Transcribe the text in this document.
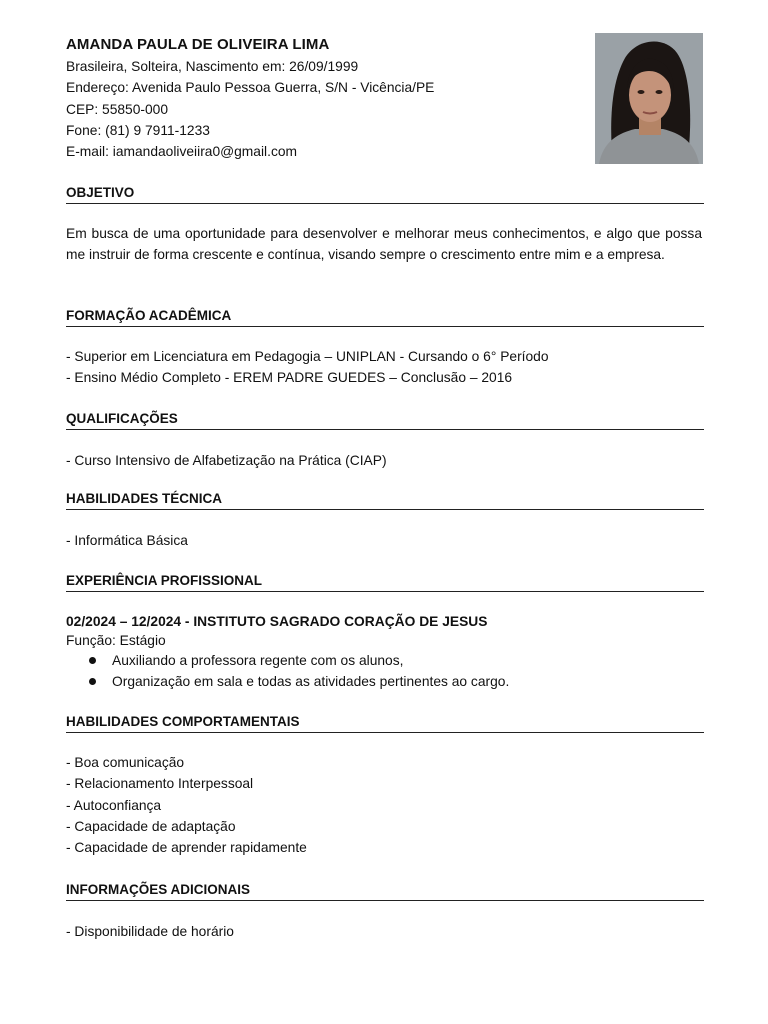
AMANDA PAULA DE OLIVEIRA LIMA
Brasileira, Solteira, Nascimento em: 26/09/1999
Endereço: Avenida Paulo Pessoa Guerra, S/N - Vicência/PE
CEP: 55850-000
Fone: (81) 9 7911-1233
E-mail: iamandaoliveiira0@gmail.com
OBJETIVO
Em busca de uma oportunidade para desenvolver e melhorar meus conhecimentos, e algo que possa me instruir de forma crescente e contínua, visando sempre o crescimento entre mim e a empresa.
FORMAÇÃO ACADÊMICA
- Superior em Licenciatura em Pedagogia – UNIPLAN - Cursando o 6° Período
- Ensino Médio Completo - EREM PADRE GUEDES – Conclusão – 2016
QUALIFICAÇÕES
- Curso Intensivo de Alfabetização na Prática (CIAP)
HABILIDADES TÉCNICA
- Informática Básica
EXPERIÊNCIA PROFISSIONAL
02/2024 – 12/2024 - INSTITUTO SAGRADO CORAÇÃO DE JESUS
Função: Estágio
Auxiliando a professora regente com os alunos,
Organização em sala e todas as atividades pertinentes ao cargo.
HABILIDADES COMPORTAMENTAIS
- Boa comunicação
- Relacionamento Interpessoal
- Autoconfiança
- Capacidade de adaptação
- Capacidade de aprender rapidamente
INFORMAÇÕES ADICIONAIS
- Disponibilidade de horário
